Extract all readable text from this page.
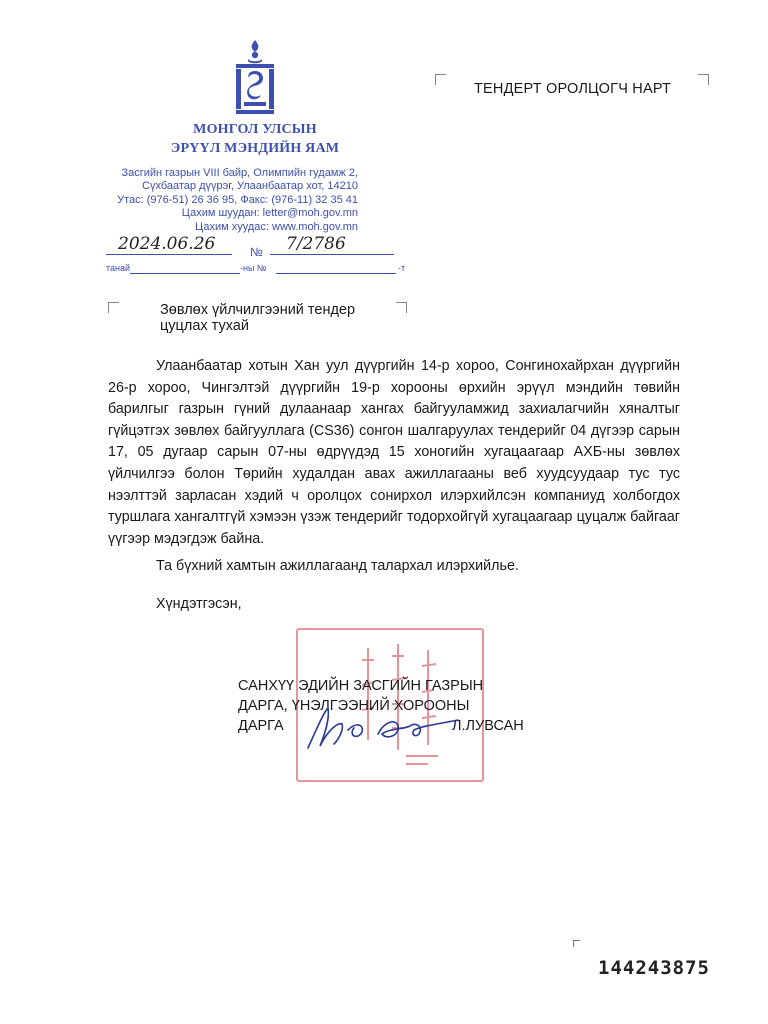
МОНГОЛ УЛСЫН
ЭРҮҮЛ МЭНДИЙН ЯАМ
Засгийн газрын VIII байр, Олимпийн гудамж 2,
Сүхбаатар дүүрэг, Улаанбаатар хот, 14210
Утас: (976-51) 26 36 95, Факс: (976-11) 32 35 41
Цахим шуудан: letter@moh.gov.mn
Цахим хуудас: www.moh.gov.mn
2024.06.26	№ 7/2786
танай	-ны №	-т
ТЕНДЕРТ ОРОЛЦОГЧ НАРТ
Зөвлөх үйлчилгээний тендер
цуцлах тухай
Улаанбаатар хотын Хан уул дүүргийн 14-р хороо, Сонгинохайрхан дүүргийн 26-р хороо, Чингэлтэй дүүргийн 19-р хорооны өрхийн эрүүл мэндийн төвийн барилгыг газрын гүний дулаанаар хангах байгууламжид захиалагчийн хяналтыг гүйцэтгэх зөвлөх байгууллага (CS36) сонгон шалгаруулах тендерийг 04 дүгээр сарын 17, 05 дугаар сарын 07-ны өдрүүдэд 15 хоногийн хугацаагаар АХБ-ны зөвлөх үйлчилгээ болон Төрийн худалдан авах ажиллагааны веб хуудсуудаар тус тус нээлттэй зарласан хэдий ч оролцох сонирхол илэрхийлсэн компаниуд холбогдох туршлага хангалтгүй хэмээн үзэж тендерийг тодорхойгүй хугацаагаар цуцалж байгааг үүгээр мэдэгдэж байна.
Та бүхний хамтын ажиллагаанд талархал илэрхийлье.
Хүндэтгэсэн,
САНХҮҮ ЭДИЙН ЗАСГИЙН ГАЗРЫН
ДАРГА, ҮНЭЛГЭЭНИЙ ХОРООНЫ
ДАРГА	Л.ЛУВСАН
144243875
